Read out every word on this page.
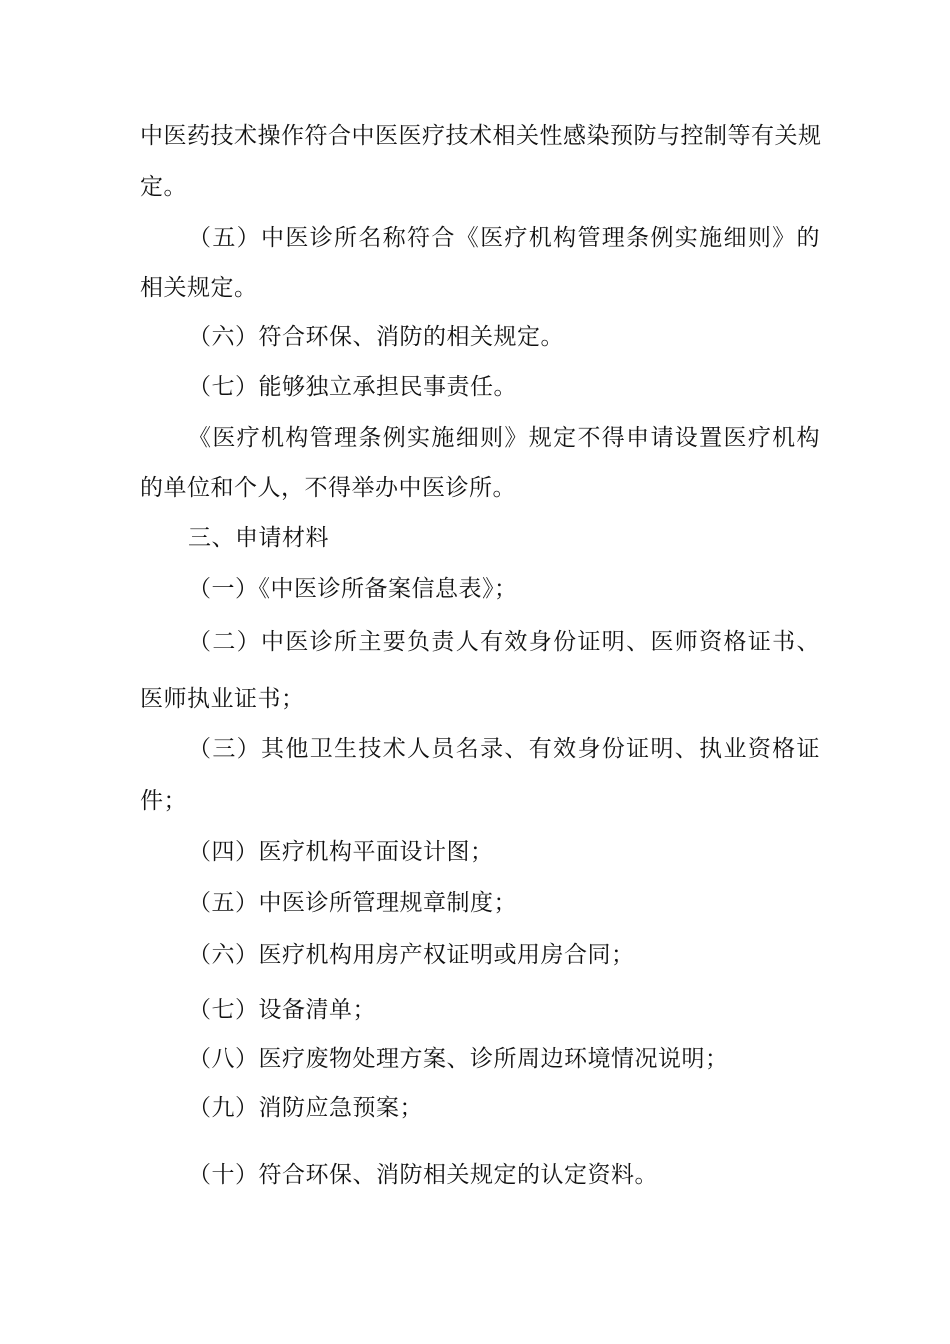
中医药技术操作符合中医医疗技术相关性感染预防与控制等有关规
定。
（五）中医诊所名称符合《医疗机构管理条例实施细则》的
相关规定。
（六）符合环保、消防的相关规定。
（七）能够独立承担民事责任。
《医疗机构管理条例实施细则》规定不得申请设置医疗机构
的单位和个人，不得举办中医诊所。
三、申请材料
（一）《中医诊所备案信息表》；
（二）中医诊所主要负责人有效身份证明、医师资格证书、
医师执业证书；
（三）其他卫生技术人员名录、有效身份证明、执业资格证
件；
（四）医疗机构平面设计图；
（五）中医诊所管理规章制度；
（六）医疗机构用房产权证明或用房合同；
（七）设备清单；
（八）医疗废物处理方案、诊所周边环境情况说明；
（九）消防应急预案；
（十）符合环保、消防相关规定的认定资料。
